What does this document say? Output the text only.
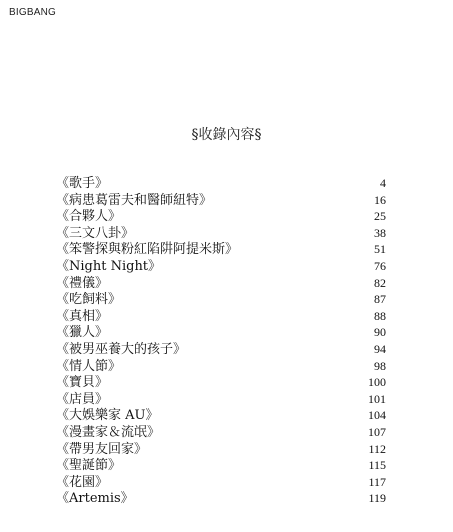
BIGBANG
§收錄內容§
《歌手》	4
《病患葛雷夫和醫師紐特》	16
《合夥人》	25
《三文八卦》	38
《笨警探與粉紅陷阱阿提米斯》	51
《Night Night》	76
《禮儀》	82
《吃飼料》	87
《真相》	88
《獵人》	90
《被男巫養大的孩子》	94
《情人節》	98
《寶貝》	100
《店員》	101
《大娛樂家 AU》	104
《漫畫家＆流氓》	107
《帶男友回家》	112
《聖誕節》	115
《花園》	117
《Artemis》	119
